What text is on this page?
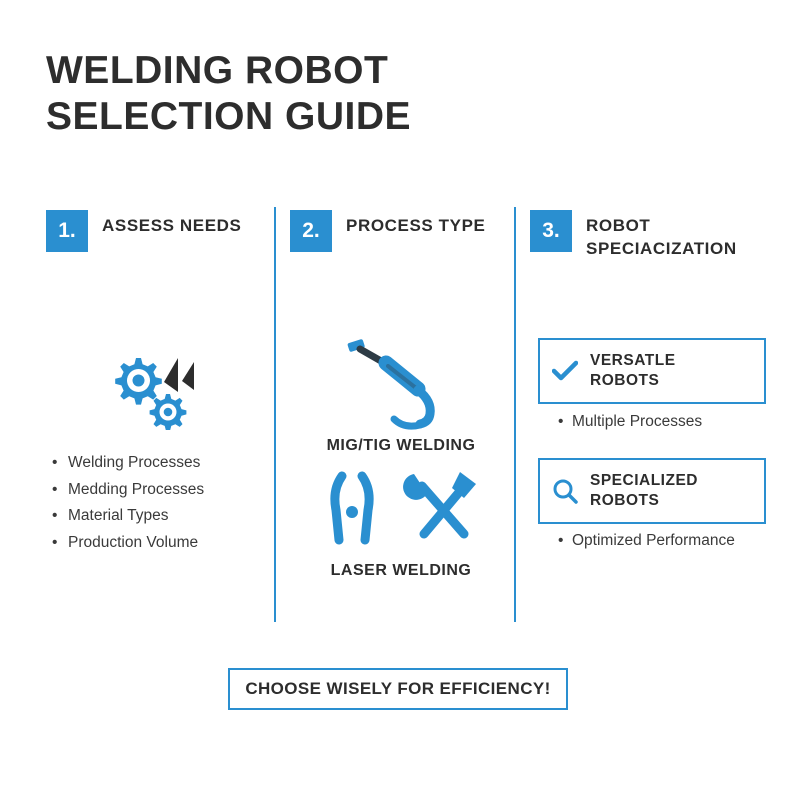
WELDING ROBOT
SELECTION GUIDE
1.	ASSESS NEEDS
• Welding Processes
• Medding Processes
• Material Types
• Production Volume
2.	PROCESS TYPE
MIG/TIG WELDING
LASER WELDING
3.	ROBOT SPECIACIZATION
VERSATLE
ROBOTS
• Multiple Processes
SPECIALIZED
ROBOTS
• Optimized Performance
CHOOSE WISELY FOR EFFICIENCY!
